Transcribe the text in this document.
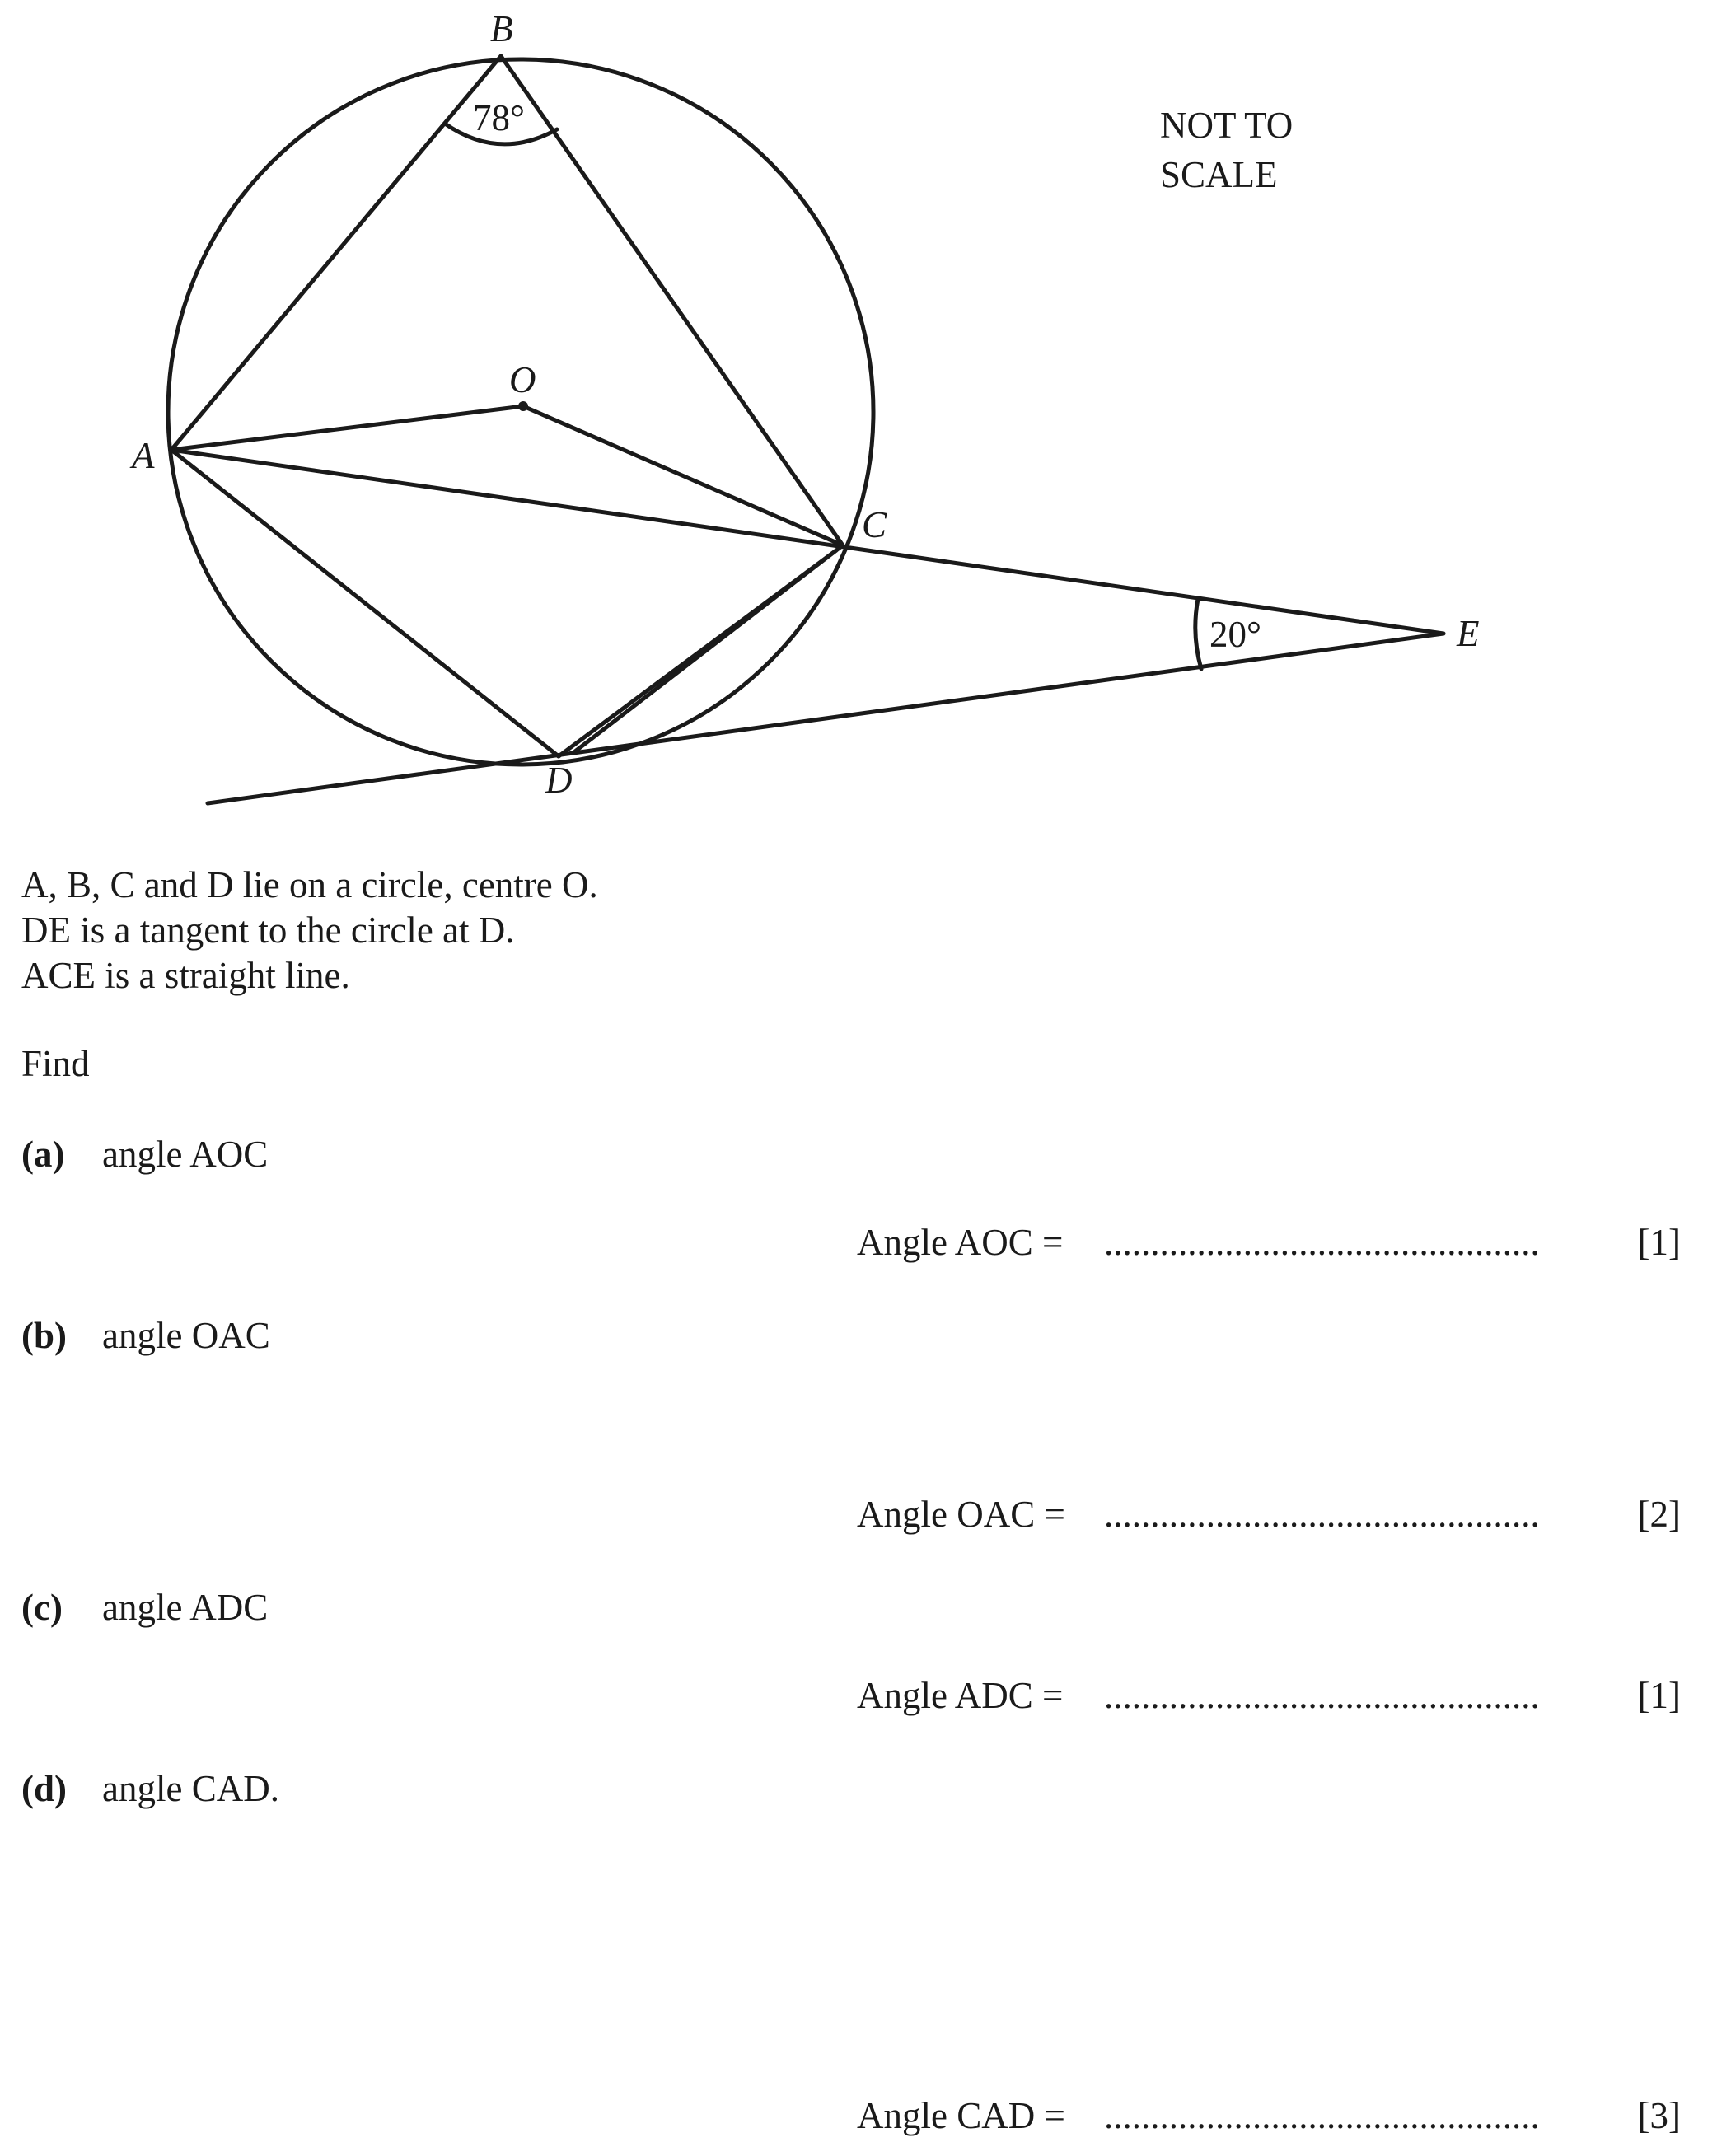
B
O
A
C
E
D
78°
20°
NOT TO
SCALE
A, B, C and D lie on a circle, centre O.
DE is a tangent to the circle at D.
ACE is a straight line.
Find
(a) angle AOC
Angle AOC = ...............................................	[1]
(b) angle OAC
Angle OAC = ...............................................	[2]
(c) angle ADC
Angle ADC = ...............................................	[1]
(d) angle CAD.
Angle CAD = ...............................................	[3]
